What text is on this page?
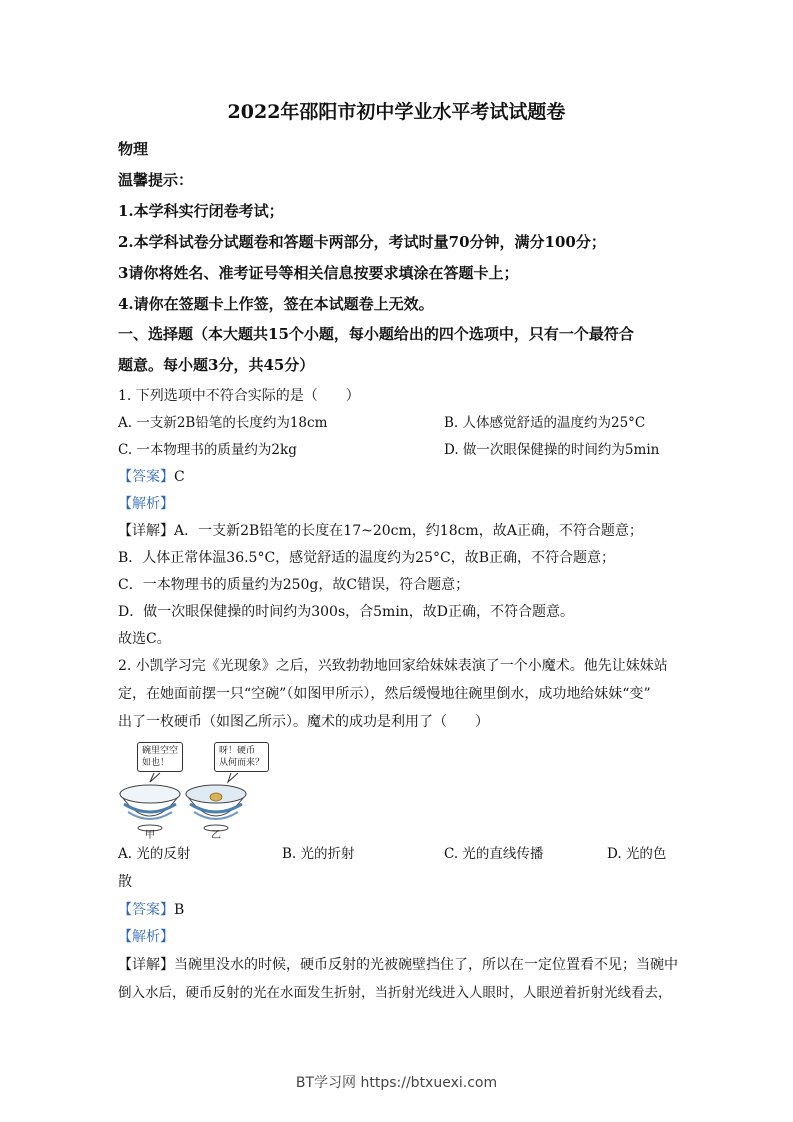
2022年邵阳市初中学业水平考试试题卷
物理
温馨提示：
1.本学科实行闭卷考试；
2.本学科试卷分试题卷和答题卡两部分，考试时量70分钟，满分100分；
3请你将姓名、准考证号等相关信息按要求填涂在答题卡上；
4.请你在签题卡上作签，签在本试题卷上无效。
一、选择题（本大题共15个小题，每小题给出的四个选项中，只有一个最符合
题意。每小题3分，共45分）
1. 下列选项中不符合实际的是（　　）
A. 一支新2B铅笔的长度约为18cm	B. 人体感觉舒适的温度约为25°C
C. 一本物理书的质量约为2kg	D. 做一次眼保健操的时间约为5min
【答案】C
【解析】
【详解】A．一支新2B铅笔的长度在17~20cm，约18cm，故A正确，不符合题意；
B．人体正常体温36.5°C，感觉舒适的温度约为25°C，故B正确，不符合题意；
C．一本物理书的质量约为250g，故C错误，符合题意；
D．做一次眼保健操的时间约为300s，合5min，故D正确，不符合题意。
故选C。
2. 小凯学习完《光现象》之后，兴致勃勃地回家给妹妹表演了一个小魔术。他先让妹妹站
定，在她面前摆一只“空碗”（如图甲所示），然后缓慢地往碗里倒水，成功地给妹妹“变”
出了一枚硬币（如图乙所示）。魔术的成功是利用了（　　）
碗里空空
如也！
呀！硬币
从何而来？
甲	乙
A. 光的反射	B. 光的折射	C. 光的直线传播	D. 光的色
散
【答案】B
【解析】
【详解】当碗里没水的时候，硬币反射的光被碗壁挡住了，所以在一定位置看不见；当碗中
倒入水后，硬币反射的光在水面发生折射，当折射光线进入人眼时，人眼逆着折射光线看去，
BT学习网 https://btxuexi.com
